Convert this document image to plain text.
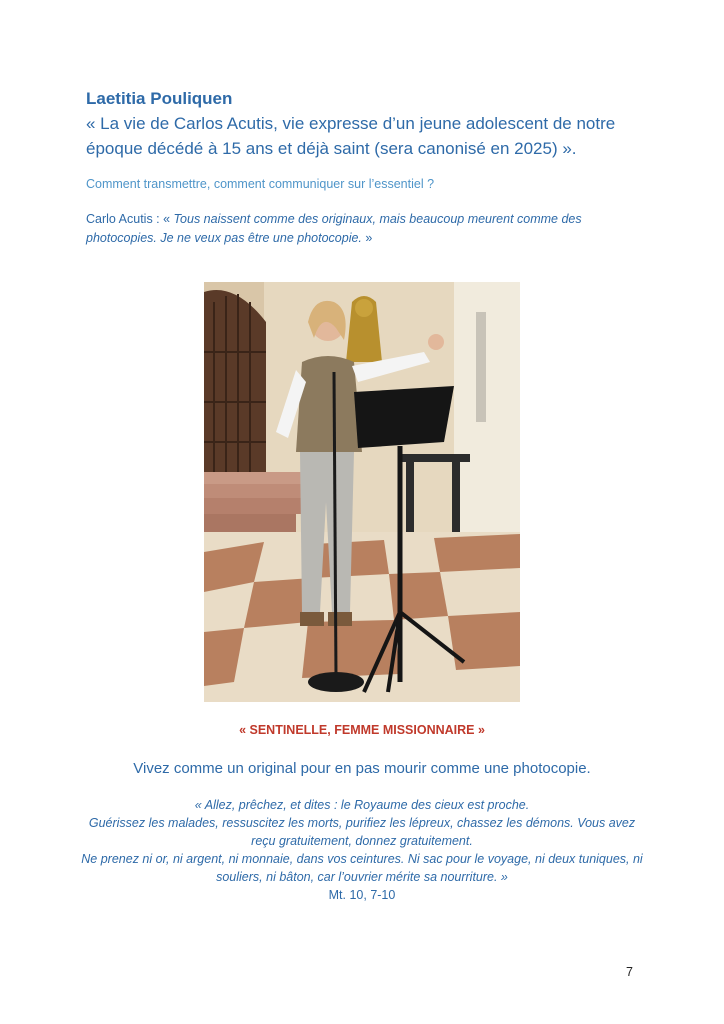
Laetitia Pouliquen
« La vie de Carlos Acutis, vie expresse d’un jeune adolescent de notre époque décédé à 15 ans et déjà saint (sera canonisé en 2025) ».
Comment transmettre, comment communiquer sur l’essentiel ?
Carlo Acutis : « Tous naissent comme des originaux, mais beaucoup meurent comme des photocopies. Je ne veux pas être une photocopie. »
« SENTINELLE, FEMME MISSIONNAIRE »
Vivez comme un original pour en pas mourir comme une photocopie.
« Allez, prêchez, et dites : le Royaume des cieux est proche.
Guérissez les malades, ressuscitez les morts, purifiez les lépreux, chassez les démons. Vous avez reçu gratuitement, donnez gratuitement.
Ne prenez ni or, ni argent, ni monnaie, dans vos ceintures. Ni sac pour le voyage, ni deux tuniques, ni souliers, ni bâton, car l’ouvrier mérite sa nourriture. »
Mt. 10, 7-10
7
